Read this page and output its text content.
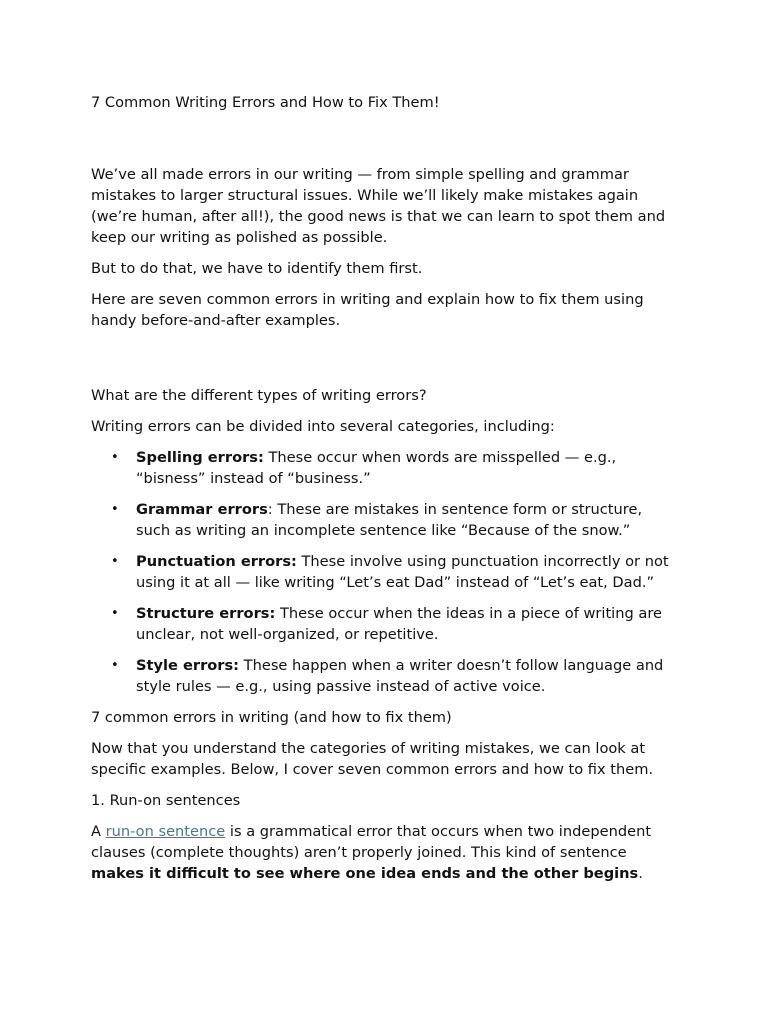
7 Common Writing Errors and How to Fix Them!

We’ve all made errors in our writing — from simple spelling and grammar mistakes to larger structural issues. While we’ll likely make mistakes again (we’re human, after all!), the good news is that we can learn to spot them and keep our writing as polished as possible.

But to do that, we have to identify them first.

Here are seven common errors in writing and explain how to fix them using handy before-and-after examples.

What are the different types of writing errors?

Writing errors can be divided into several categories, including:

• Spelling errors: These occur when words are misspelled — e.g., “bisness” instead of “business.”
• Grammar errors: These are mistakes in sentence form or structure, such as writing an incomplete sentence like “Because of the snow.”
• Punctuation errors: These involve using punctuation incorrectly or not using it at all — like writing “Let’s eat Dad” instead of “Let’s eat, Dad.”
• Structure errors: These occur when the ideas in a piece of writing are unclear, not well-organized, or repetitive.
• Style errors: These happen when a writer doesn’t follow language and style rules — e.g., using passive instead of active voice.

7 common errors in writing (and how to fix them)

Now that you understand the categories of writing mistakes, we can look at specific examples. Below, I cover seven common errors and how to fix them.

1. Run-on sentences

A run-on sentence is a grammatical error that occurs when two independent clauses (complete thoughts) aren’t properly joined. This kind of sentence makes it difficult to see where one idea ends and the other begins.
